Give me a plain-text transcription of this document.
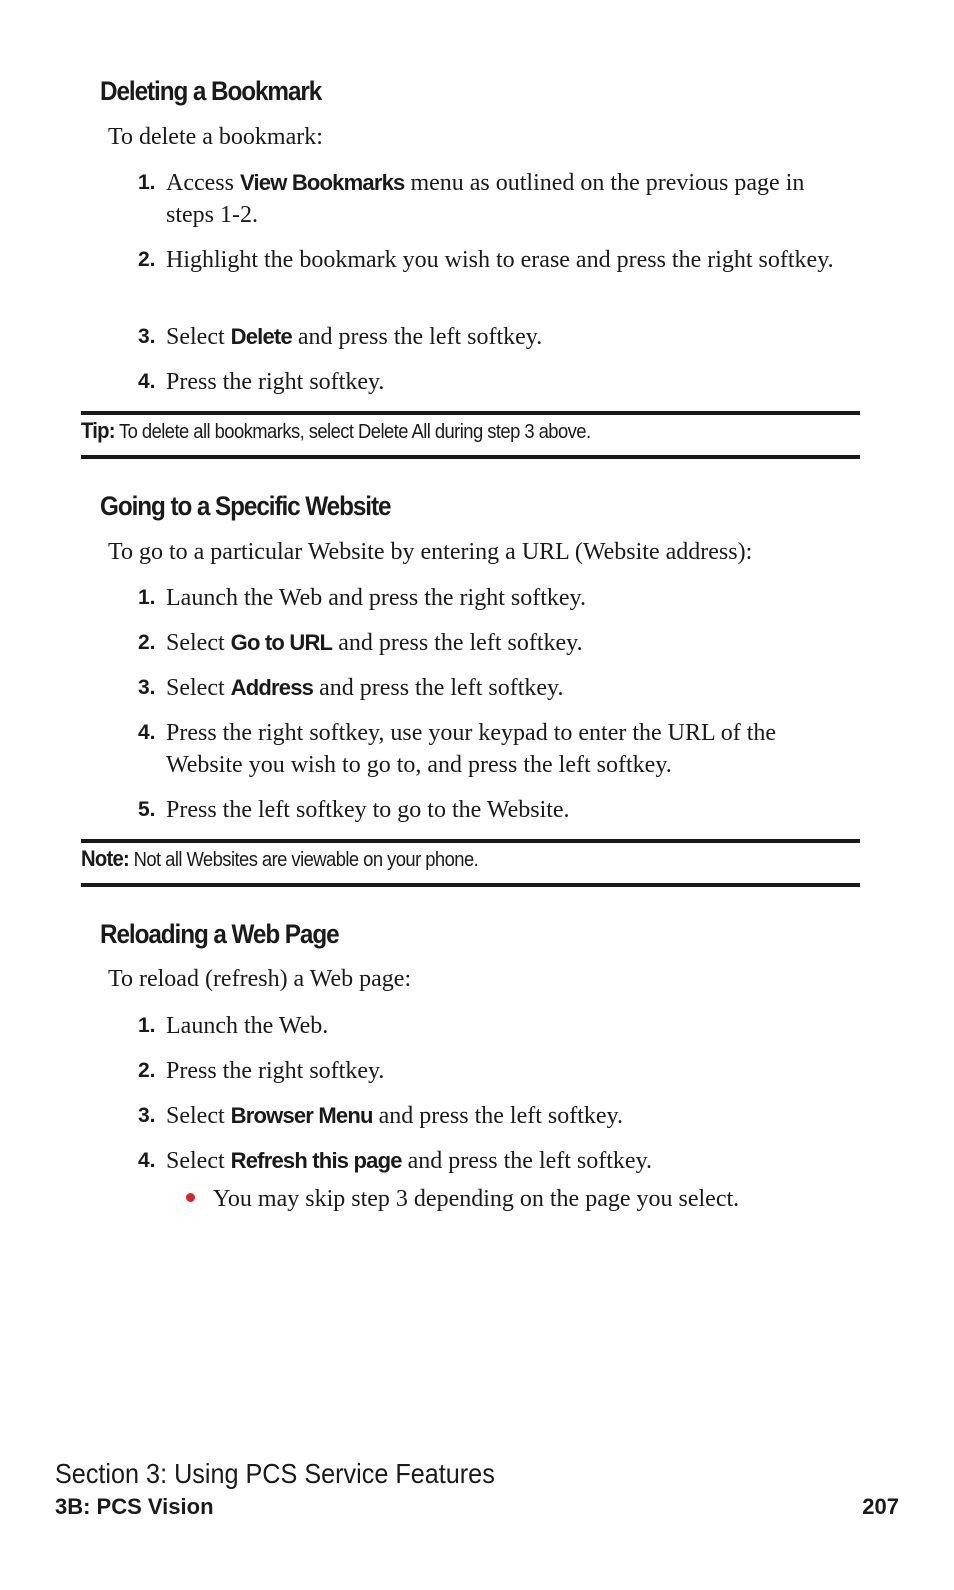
Deleting a Bookmark
To delete a bookmark:
1. Access View Bookmarks menu as outlined on the previous page in steps 1-2.
2. Highlight the bookmark you wish to erase and press the right softkey.
3. Select Delete and press the left softkey.
4. Press the right softkey.
Tip: To delete all bookmarks, select Delete All during step 3 above.
Going to a Specific Website
To go to a particular Website by entering a URL (Website address):
1. Launch the Web and press the right softkey.
2. Select Go to URL and press the left softkey.
3. Select Address and press the left softkey.
4. Press the right softkey, use your keypad to enter the URL of the Website you wish to go to, and press the left softkey.
5. Press the left softkey to go to the Website.
Note: Not all Websites are viewable on your phone.
Reloading a Web Page
To reload (refresh) a Web page:
1. Launch the Web.
2. Press the right softkey.
3. Select Browser Menu and press the left softkey.
4. Select Refresh this page and press the left softkey.
You may skip step 3 depending on the page you select.
Section 3: Using PCS Service Features
3B: PCS Vision	207
